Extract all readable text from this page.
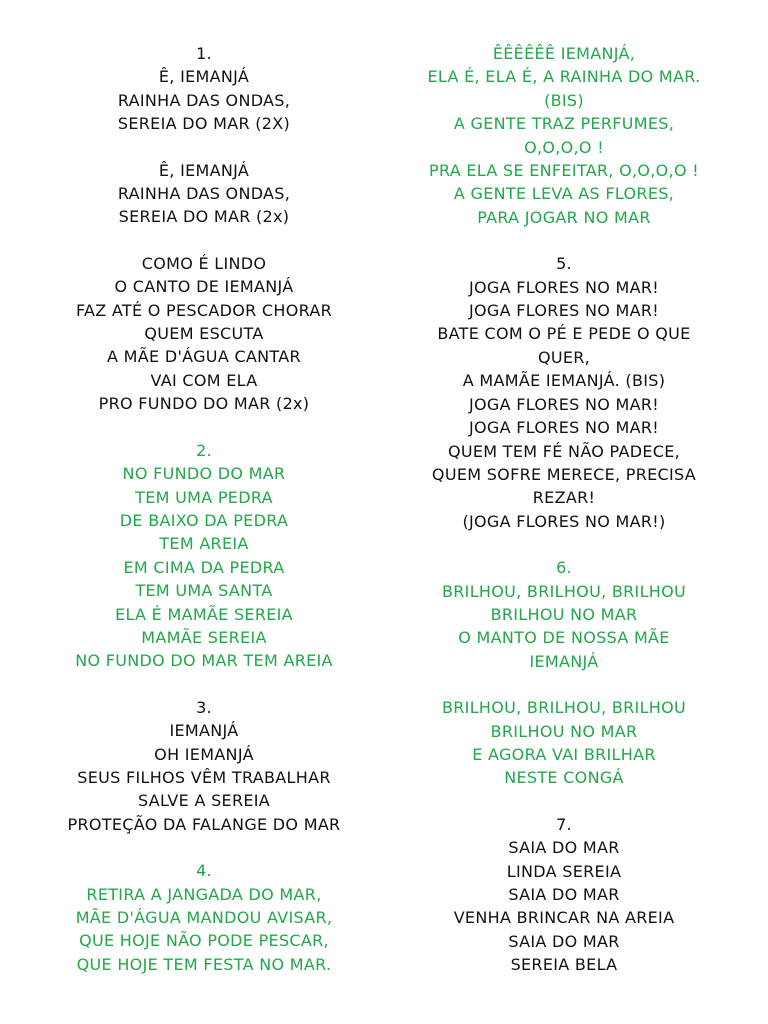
1.
Ê, IEMANJÁ
RAINHA DAS ONDAS,
SEREIA DO MAR (2X)
Ê, IEMANJÁ
RAINHA DAS ONDAS,
SEREIA DO MAR (2x)
COMO É LINDO
O CANTO DE IEMANJÁ
FAZ ATÉ O PESCADOR CHORAR
QUEM ESCUTA
A MÃE D'ÁGUA CANTAR
VAI COM ELA
PRO FUNDO DO MAR (2x)
2.
NO FUNDO DO MAR
TEM UMA PEDRA
DE BAIXO DA PEDRA
TEM AREIA
EM CIMA DA PEDRA
TEM UMA SANTA
ELA É MAMÃE SEREIA
MAMÃE SEREIA
NO FUNDO DO MAR TEM AREIA
3.
IEMANJÁ
OH IEMANJÁ
SEUS FILHOS VÊM TRABALHAR
SALVE A SEREIA
PROTEÇÃO DA FALANGE DO MAR
4.
RETIRA A JANGADA DO MAR,
MÃE D'ÁGUA MANDOU AVISAR,
QUE HOJE NÃO PODE PESCAR,
QUE HOJE TEM FESTA NO MAR.
ÊÊÊÊÊÊ IEMANJÁ,
ELA É, ELA É, A RAINHA DO MAR.
(BIS)
A GENTE TRAZ PERFUMES,
O,O,O,O !
PRA ELA SE ENFEITAR, O,O,O,O !
A GENTE LEVA AS FLORES,
PARA JOGAR NO MAR
5.
JOGA FLORES NO MAR!
JOGA FLORES NO MAR!
BATE COM O PÉ E PEDE O QUE
QUER,
A MAMÃE IEMANJÁ. (BIS)
JOGA FLORES NO MAR!
JOGA FLORES NO MAR!
QUEM TEM FÉ NÃO PADECE,
QUEM SOFRE MERECE, PRECISA
REZAR!
(JOGA FLORES NO MAR!)
6.
BRILHOU, BRILHOU, BRILHOU
BRILHOU NO MAR
O MANTO DE NOSSA MÃE
IEMANJÁ
BRILHOU, BRILHOU, BRILHOU
BRILHOU NO MAR
E AGORA VAI BRILHAR
NESTE CONGÁ
7.
SAIA DO MAR
LINDA SEREIA
SAIA DO MAR
VENHA BRINCAR NA AREIA
SAIA DO MAR
SEREIA BELA
